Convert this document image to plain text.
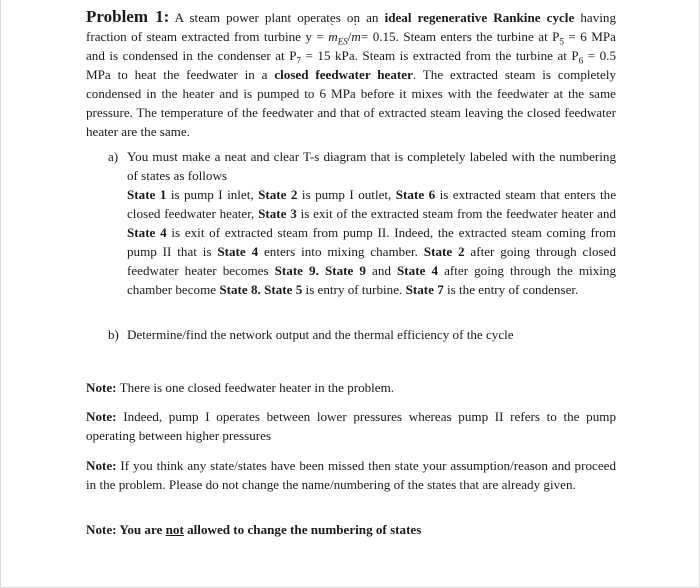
Problem 1: A steam power plant operates on an ideal regenerative Rankine cycle having fraction of steam extracted from turbine y = m $˙_{ES}/m$ ˙= 0.15. Steam enters the turbine at $P_5 = 6$ MPa and is condensed in the condenser at $P_7 = 15$ kPa. Steam is extracted from the turbine at $P_6 = 0.5$ MPa to heat the feedwater in a closed feedwater heater. The extracted steam is completely condensed in the heater and is pumped to 6 MPa before it mixes with the feedwater at the same pressure. The temperature of the feedwater and that of extracted steam leaving the closed feedwater heater are the same.
a) You must make a neat and clear T-s diagram that is completely labeled with the numbering of states as follows
State 1 is pump I inlet, State 2 is pump I outlet, State 6 is extracted steam that enters the closed feedwater heater, State 3 is exit of the extracted steam from the feedwater heater and State 4 is exit of extracted steam from pump II. Indeed, the extracted steam coming from pump II that is State 4 enters into mixing chamber. State 2 after going through closed feedwater heater becomes State 9. State 9 and State 4 after going through the mixing chamber become State 8. State 5 is entry of turbine. State 7 is the entry of condenser.
b) Determine/find the network output and the thermal efficiency of the cycle
Note: There is one closed feedwater heater in the problem.
Note: Indeed, pump I operates between lower pressures whereas pump II refers to the pump operating between higher pressures
Note: If you think any state/states have been missed then state your assumption/reason and proceed in the problem. Please do not change the name/numbering of the states that are already given.
Note: You are not allowed to change the numbering of states
